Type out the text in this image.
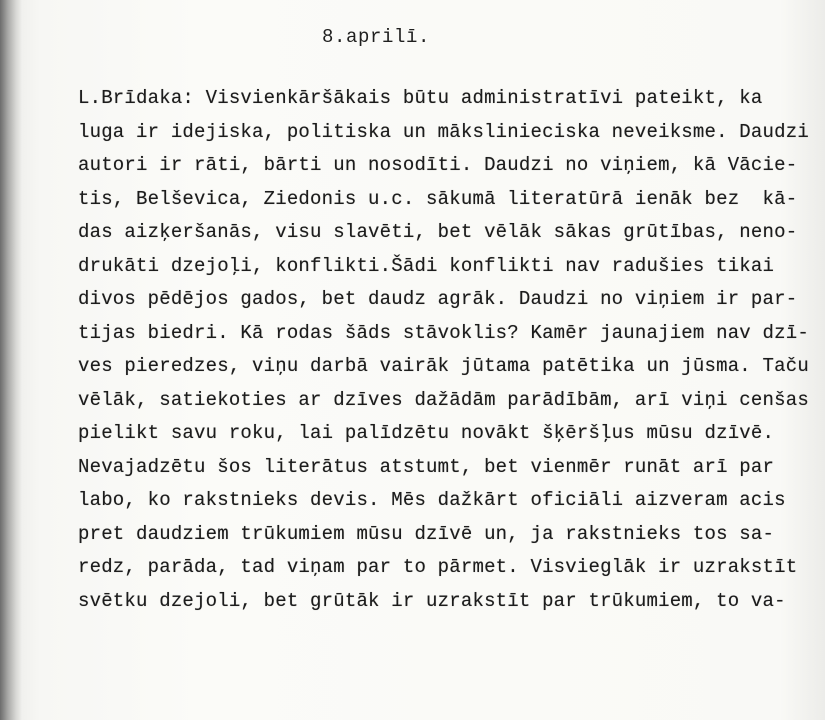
8.aprilī.
L.Brīdaka: Visvienkāršākais būtu administratīvi pateikt, ka
luga ir idejiska, politiska un mākslinieciska neveiksme. Daudzi
autori ir rāti, bārti un nosodīti. Daudzi no viņiem, kā Vācie-
tis, Belševica, Ziedonis u.c. sākumā literatūrā ienāk bez  kā-
das aizķeršanās, visu slavēti, bet vēlāk sākas grūtības, neno-
drukāti dzejoļi, konflikti.Šādi konflikti nav radušies tikai
divos pēdējos gados, bet daudz agrāk. Daudzi no viņiem ir par-
tijas biedri. Kā rodas šāds stāvoklis? Kamēr jaunajiem nav dzī-
ves pieredzes, viņu darbā vairāk jūtama patētika un jūsma. Taču
vēlāk, satiekoties ar dzīves dažādām parādībām, arī viņi cenšas
pielikt savu roku, lai palīdzētu novākt šķēršļus mūsu dzīvē.
Nevajadzētu šos literātus atstumt, bet vienmēr runāt arī par
labo, ko rakstnieks devis. Mēs dažkārt oficiāli aizveram acis
pret daudziem trūkumiem mūsu dzīvē un, ja rakstnieks tos sa-
redz, parāda, tad viņam par to pārmet. Visvieglāk ir uzrakstīt
svētku dzejoli, bet grūtāk ir uzrakstīt par trūkumiem, to va-
